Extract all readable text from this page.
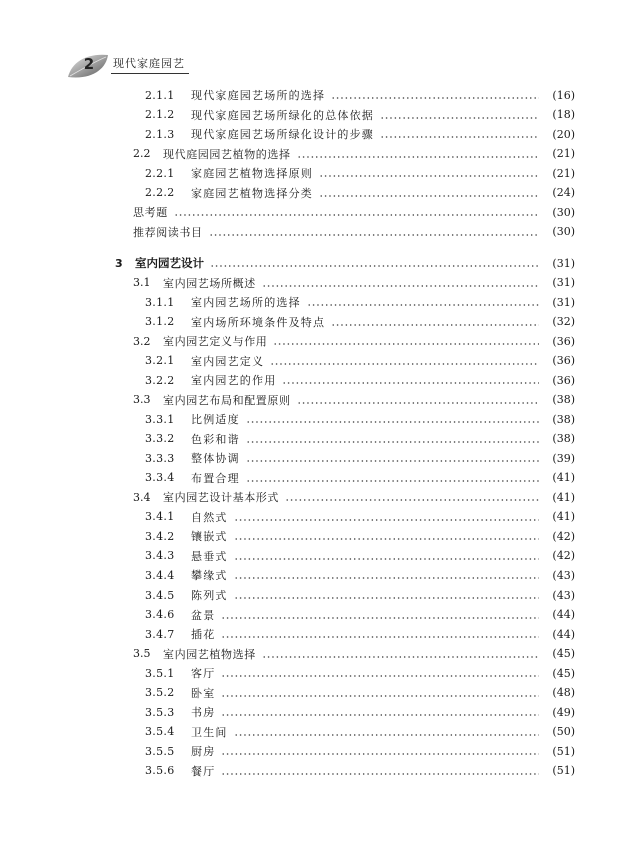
2	现代家庭园艺
2.1.1	现代家庭园艺场所的选择	(16)
2.1.2	现代家庭园艺场所绿化的总体依据	(18)
2.1.3	现代家庭园艺场所绿化设计的步骤	(20)
2.2	现代庭园园艺植物的选择	(21)
2.2.1	家庭园艺植物选择原则	(21)
2.2.2	家庭园艺植物选择分类	(24)
思考题	(30)
推荐阅读书目	(30)
3	室内园艺设计	(31)
3.1	室内园艺场所概述	(31)
3.1.1	室内园艺场所的选择	(31)
3.1.2	室内场所环境条件及特点	(32)
3.2	室内园艺定义与作用	(36)
3.2.1	室内园艺定义	(36)
3.2.2	室内园艺的作用	(36)
3.3	室内园艺布局和配置原则	(38)
3.3.1	比例适度	(38)
3.3.2	色彩和谐	(38)
3.3.3	整体协调	(39)
3.3.4	布置合理	(41)
3.4	室内园艺设计基本形式	(41)
3.4.1	自然式	(41)
3.4.2	镶嵌式	(42)
3.4.3	悬垂式	(42)
3.4.4	攀缘式	(43)
3.4.5	陈列式	(43)
3.4.6	盆景	(44)
3.4.7	插花	(44)
3.5	室内园艺植物选择	(45)
3.5.1	客厅	(45)
3.5.2	卧室	(48)
3.5.3	书房	(49)
3.5.4	卫生间	(50)
3.5.5	厨房	(51)
3.5.6	餐厅	(51)
